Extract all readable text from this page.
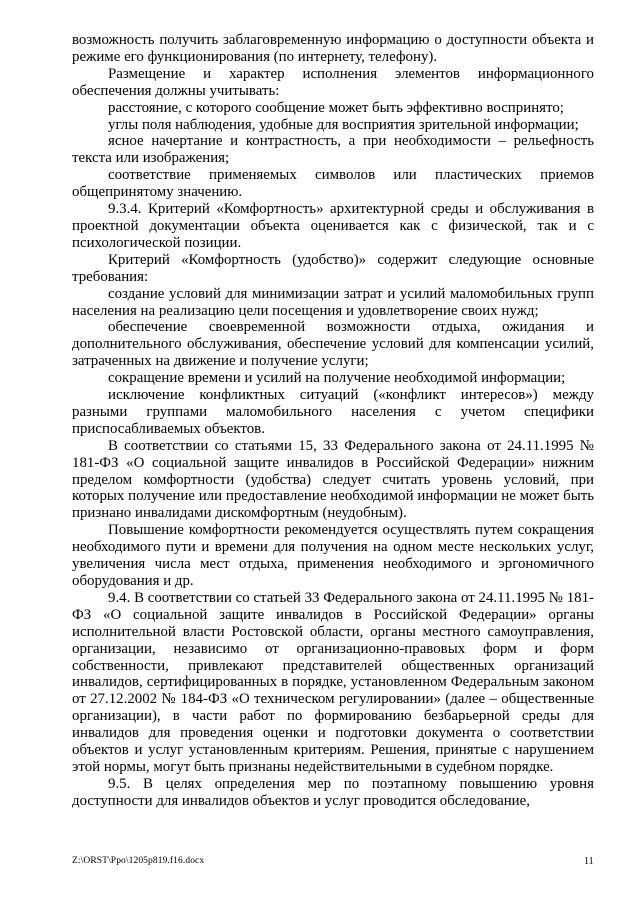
возможность получить заблаговременную информацию о доступности объекта и режиме его функционирования (по интернету, телефону).

Размещение и характер исполнения элементов информационного обеспечения должны учитывать:

расстояние, с которого сообщение может быть эффективно воспринято;

углы поля наблюдения, удобные для восприятия зрительной информации;

ясное начертание и контрастность, а при необходимости – рельефность текста или изображения;

соответствие применяемых символов или пластических приемов общепринятому значению.

9.3.4. Критерий «Комфортность» архитектурной среды и обслуживания в проектной документации объекта оценивается как с физической, так и с психологической позиции.

Критерий «Комфортность (удобство)» содержит следующие основные требования:

создание условий для минимизации затрат и усилий маломобильных групп населения на реализацию цели посещения и удовлетворение своих нужд;

обеспечение своевременной возможности отдыха, ожидания и дополнительного обслуживания, обеспечение условий для компенсации усилий, затраченных на движение и получение услуги;

сокращение времени и усилий на получение необходимой информации;

исключение конфликтных ситуаций («конфликт интересов») между разными группами маломобильного населения с учетом специфики приспосабливаемых объектов.

В соответствии со статьями 15, 33 Федерального закона от 24.11.1995 № 181-ФЗ «О социальной защите инвалидов в Российской Федерации» нижним пределом комфортности (удобства) следует считать уровень условий, при которых получение или предоставление необходимой информации не может быть признано инвалидами дискомфортным (неудобным).

Повышение комфортности рекомендуется осуществлять путем сокращения необходимого пути и времени для получения на одном месте нескольких услуг, увеличения числа мест отдыха, применения необходимого и эргономичного оборудования и др.

9.4. В соответствии со статьей 33 Федерального закона от 24.11.1995 № 181-ФЗ «О социальной защите инвалидов в Российской Федерации» органы исполнительной власти Ростовской области, органы местного самоуправления, организации, независимо от организационно-правовых форм и форм собственности, привлекают представителей общественных организаций инвалидов, сертифицированных в порядке, установленном Федеральным законом от 27.12.2002 № 184-ФЗ «О техническом регулировании» (далее – общественные организации), в части работ по формированию безбарьерной среды для инвалидов для проведения оценки и подготовки документа о соответствии объектов и услуг установленным критериям. Решения, принятые с нарушением этой нормы, могут быть признаны недействительными в судебном порядке.

9.5. В целях определения мер по поэтапному повышению уровня доступности для инвалидов объектов и услуг проводится обследование,

Z:\ORST\Ppo\1205p819.f16.docx	11
